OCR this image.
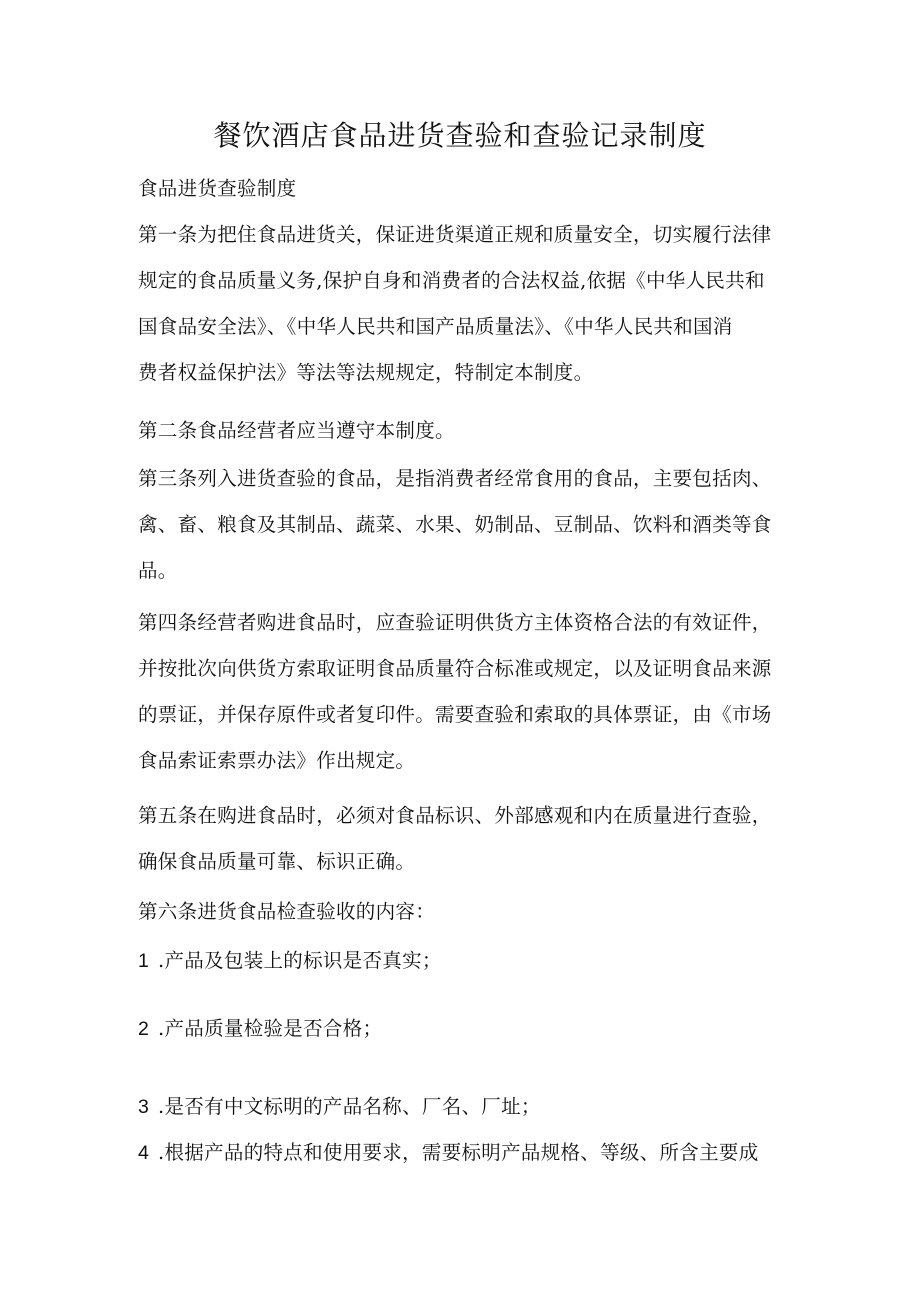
餐饮酒店食品进货查验和查验记录制度

食品进货查验制度

第一条为把住食品进货关，保证进货渠道正规和质量安全，切实履行法律
规定的食品质量义务,保护自身和消费者的合法权益,依据《中华人民共和
国食品安全法》、《中华人民共和国产品质量法》、《中华人民共和国消
费者权益保护法》等法等法规规定，特制定本制度。

第二条食品经营者应当遵守本制度。

第三条列入进货查验的食品，是指消费者经常食用的食品，主要包括肉、
禽、畜、粮食及其制品、蔬菜、水果、奶制品、豆制品、饮料和酒类等食
品。

第四条经营者购进食品时，应查验证明供货方主体资格合法的有效证件，
并按批次向供货方索取证明食品质量符合标准或规定，以及证明食品来源
的票证，并保存原件或者复印件。需要查验和索取的具体票证，由《市场
食品索证索票办法》作出规定。

第五条在购进食品时，必须对食品标识、外部感观和内在质量进行查验，
确保食品质量可靠、标识正确。

第六条进货食品检查验收的内容：

1 .产品及包装上的标识是否真实；

2 .产品质量检验是否合格；

3 .是否有中文标明的产品名称、厂名、厂址；

4 .根据产品的特点和使用要求，需要标明产品规格、等级、所含主要成
